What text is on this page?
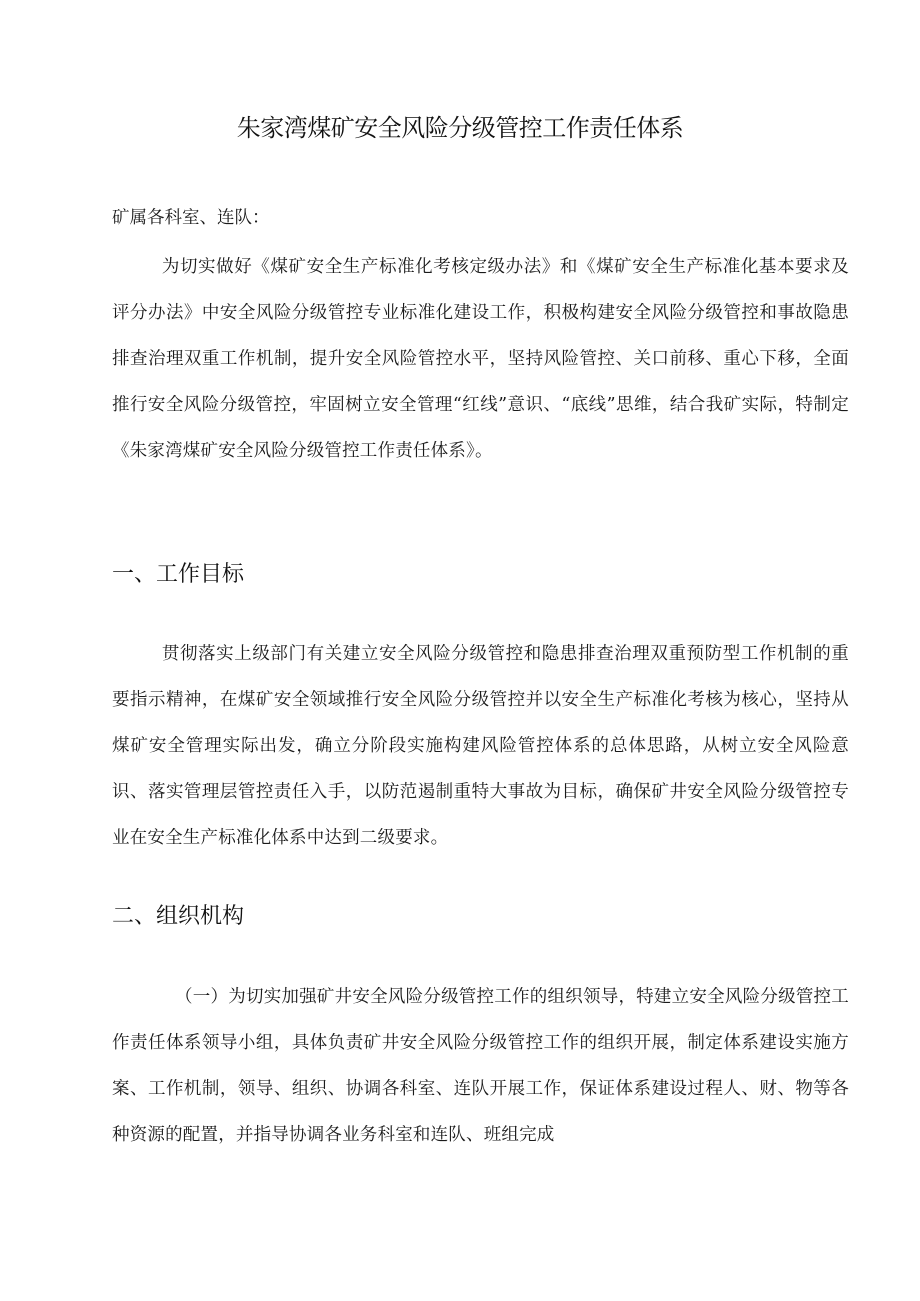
朱家湾煤矿安全风险分级管控工作责任体系
矿属各科室、连队：

为切实做好《煤矿安全生产标准化考核定级办法》和《煤矿安全生产标准化基本要求及评分办法》中安全风险分级管控专业标准化建设工作，积极构建安全风险分级管控和事故隐患排查治理双重工作机制，提升安全风险管控水平，坚持风险管控、关口前移、重心下移，全面推行安全风险分级管控，牢固树立安全管理“红线”意识、“底线”思维，结合我矿实际，特制定《朱家湾煤矿安全风险分级管控工作责任体系》。

一、工作目标

贯彻落实上级部门有关建立安全风险分级管控和隐患排查治理双重预防型工作机制的重要指示精神，在煤矿安全领域推行安全风险分级管控并以安全生产标准化考核为核心，坚持从煤矿安全管理实际出发，确立分阶段实施构建风险管控体系的总体思路，从树立安全风险意识、落实管理层管控责任入手，以防范遏制重特大事故为目标，确保矿井安全风险分级管控专业在安全生产标准化体系中达到二级要求。

二、组织机构

（一）为切实加强矿井安全风险分级管控工作的组织领导，特建立安全风险分级管控工作责任体系领导小组，具体负责矿井安全风险分级管控工作的组织开展，制定体系建设实施方案、工作机制，领导、组织、协调各科室、连队开展工作，保证体系建设过程人、财、物等各种资源的配置，并指导协调各业务科室和连队、班组完成
